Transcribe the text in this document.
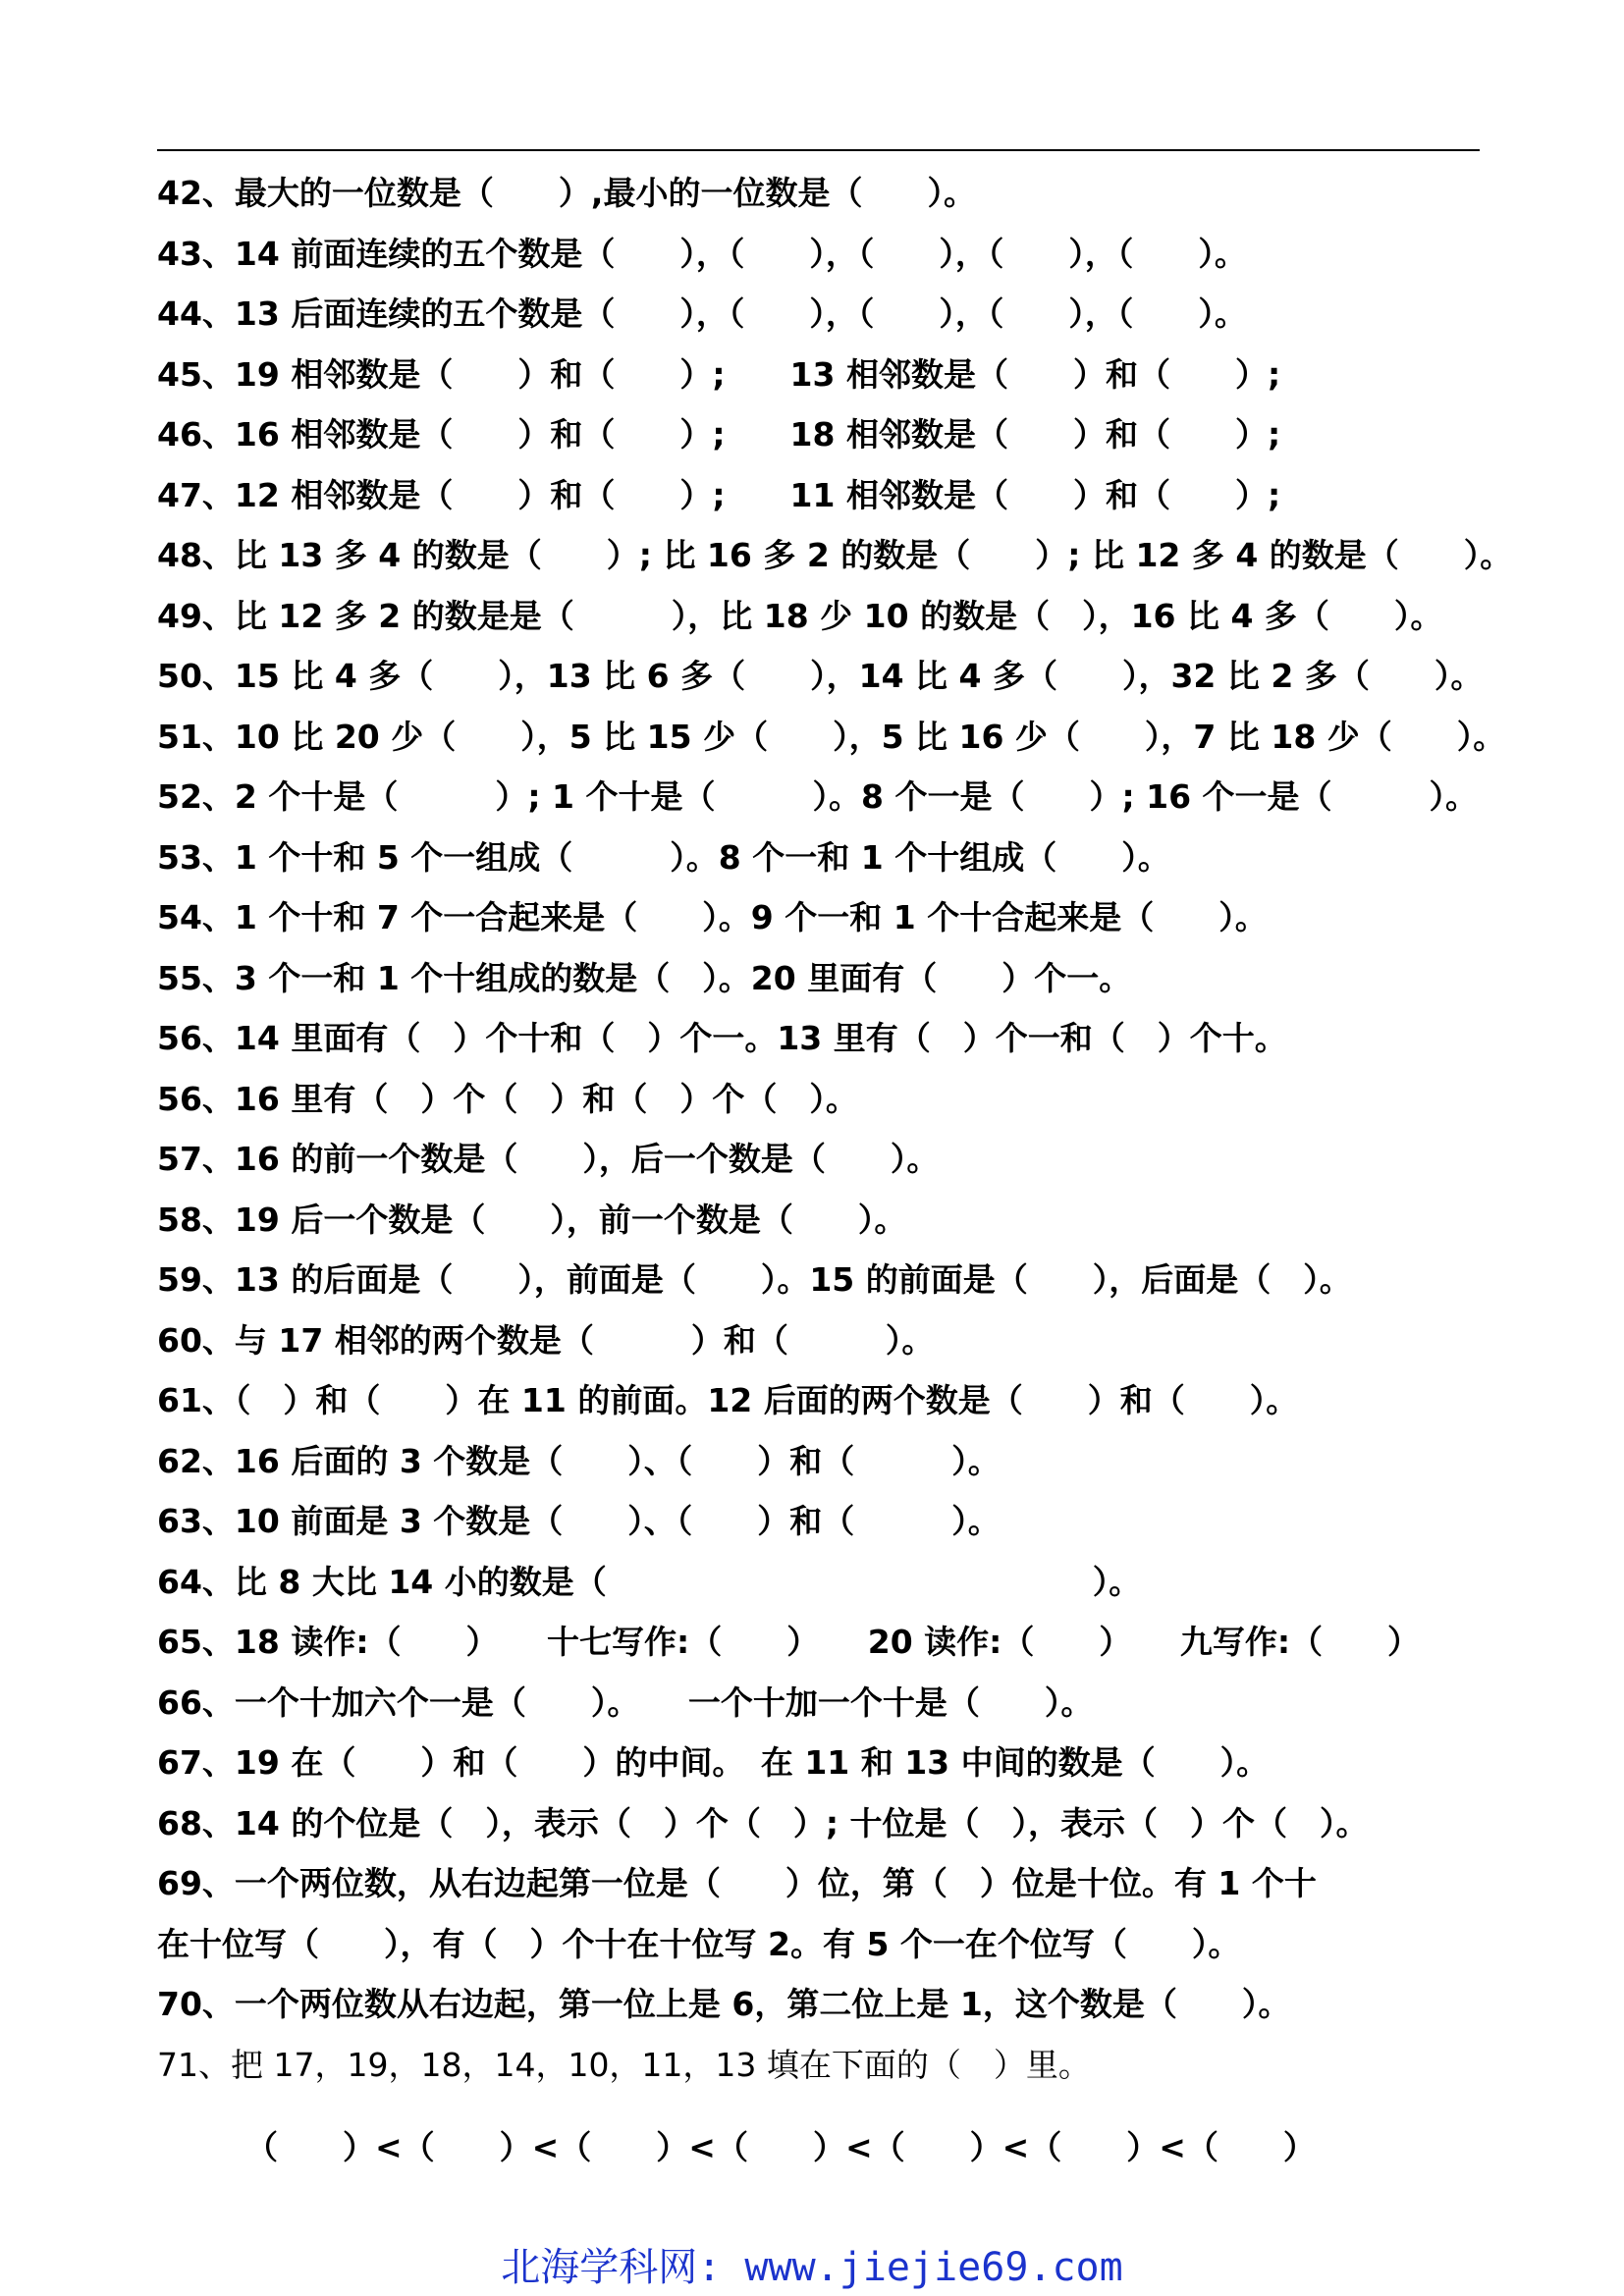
42、最大的一位数是（　　）,最小的一位数是（　　）。
43、14 前面连续的五个数是（　　），（　　），（　　），（　　），（　　）。
44、13 后面连续的五个数是（　　），（　　），（　　），（　　），（　　）。
45、19 相邻数是（　　）和（　　）;　　13 相邻数是（　　）和（　　）;
46、16 相邻数是（　　）和（　　）;　　18 相邻数是（　　）和（　　）;
47、12 相邻数是（　　）和（　　）;　　11 相邻数是（　　）和（　　）;
48、比 13 多 4 的数是（　　）; 比 16 多 2 的数是（　　）; 比 12 多 4 的数是（　　）。
49、比 12 多 2 的数是是（　　　），比 18 少 10 的数是（　），16 比 4 多（　　）。
50、15 比 4 多（　　），13 比 6 多（　　），14 比 4 多（　　），32 比 2 多（　　）。
51、10 比 20 少（　　），5 比 15 少（　　），5 比 16 少（　　），7 比 18 少（　　）。
52、2 个十是（　　　）; 1 个十是（　　　）。8 个一是（　　）; 16 个一是（　　　）。
53、1 个十和 5 个一组成（　　　）。8 个一和 1 个十组成（　　）。
54、1 个十和 7 个一合起来是（　　）。9 个一和 1 个十合起来是（　　）。
55、3 个一和 1 个十组成的数是（　）。20 里面有（　　）个一。
56、14 里面有（　）个十和（　）个一。13 里有（　）个一和（　）个十。
56、16 里有（　）个（　）和（　）个（　）。
57、16 的前一个数是（　　），后一个数是（　　）。
58、19 后一个数是（　　），前一个数是（　　）。
59、13 的后面是（　　），前面是（　　）。15 的前面是（　　），后面是（　）。
60、与 17 相邻的两个数是（　　　）和（　　　）。
61、（　）和（　　）在 11 的前面。12 后面的两个数是（　　）和（　　）。
62、16 后面的 3 个数是（　　）、（　　）和（　　　）。
63、10 前面是 3 个数是（　　）、（　　）和（　　　）。
64、比 8 大比 14 小的数是（　　　　　　　　　　　　　　　）。
65、18 读作:（　　）　　十七写作:（　　）　　20 读作:（　　）　　九写作:（　　）
66、一个十加六个一是（　　）。　　一个十加一个十是（　　）。
67、19 在（　　）和（　　）的中间。　在 11 和 13 中间的数是（　　）。
68、14 的个位是（　），表示（　）个（　）; 十位是（　），表示（　）个（　）。
69、一个两位数，从右边起第一位是（　　）位，第（　）位是十位。有 1 个十
在十位写（　　），有（　）个十在十位写 2。有 5 个一在个位写（　　）。
70、一个两位数从右边起，第一位上是 6，第二位上是 1，这个数是（　　）。
71、把 17，19，18，14，10，11，13 填在下面的（　）里。
（　　）<（　　）<（　　）<（　　）<（　　）<（　　）<（　　）
北海学科网: www.jiejie69.com
